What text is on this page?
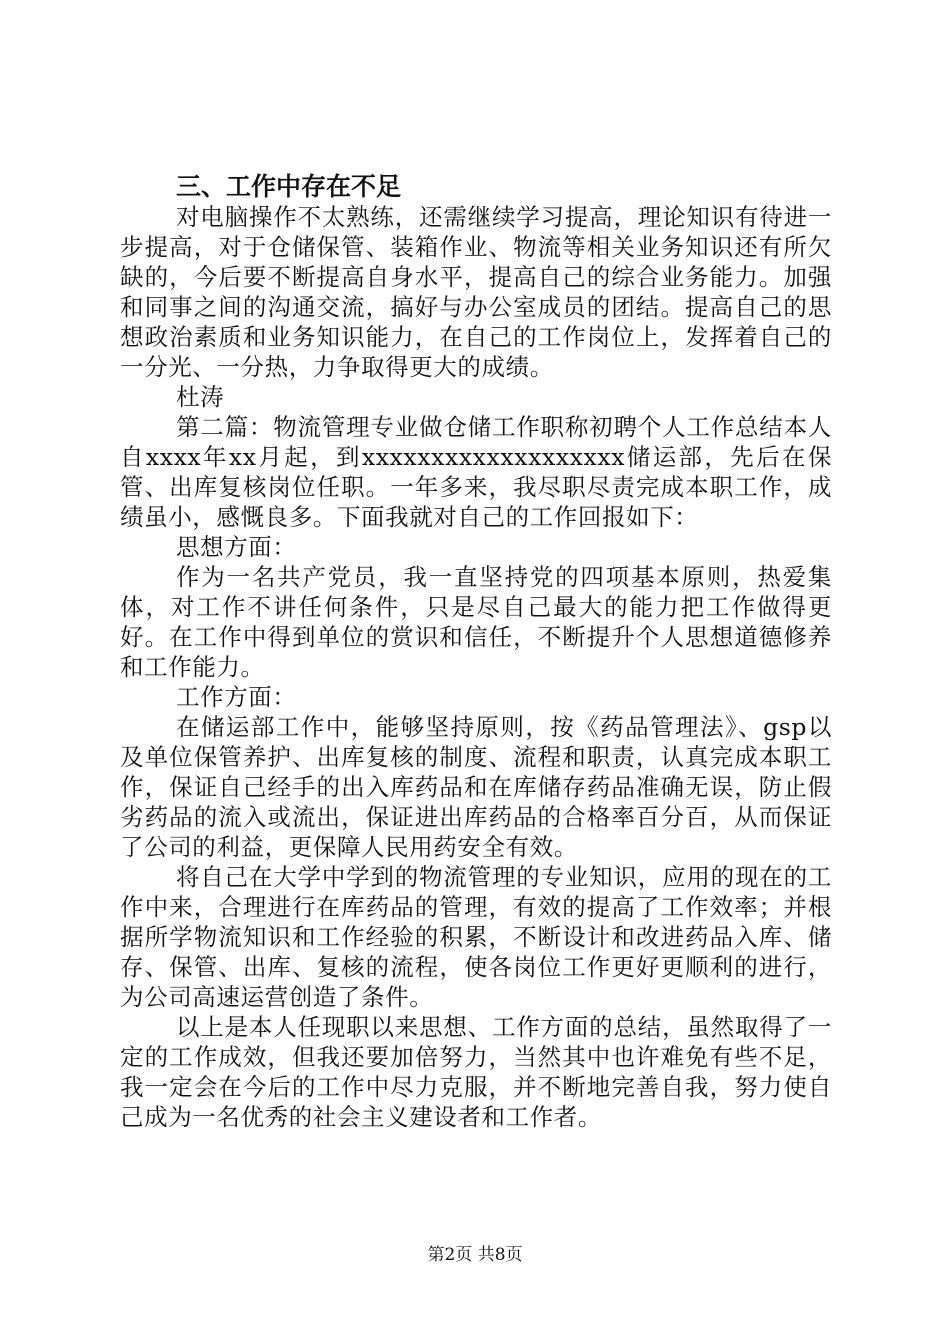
三、工作中存在不足

对电脑操作不太熟练，还需继续学习提高，理论知识有待进一步提高，对于仓储保管、装箱作业、物流等相关业务知识还有所欠缺的，今后要不断提高自身水平，提高自己的综合业务能力。加强和同事之间的沟通交流，搞好与办公室成员的团结。提高自己的思想政治素质和业务知识能力，在自己的工作岗位上，发挥着自己的一分光、一分热，力争取得更大的成绩。

杜涛

第二篇：物流管理专业做仓储工作职称初聘个人工作总结本人自xxxx年xx月起，到xxxxxxxxxxxxxxxxxxx储运部，先后在保管、出库复核岗位任职。一年多来，我尽职尽责完成本职工作，成绩虽小，感慨良多。下面我就对自己的工作回报如下：

思想方面：

作为一名共产党员，我一直坚持党的四项基本原则，热爱集体，对工作不讲任何条件，只是尽自己最大的能力把工作做得更好。在工作中得到单位的赏识和信任，不断提升个人思想道德修养和工作能力。

工作方面：

在储运部工作中，能够坚持原则，按《药品管理法》、gsp以及单位保管养护、出库复核的制度、流程和职责，认真完成本职工作，保证自己经手的出入库药品和在库储存药品准确无误，防止假劣药品的流入或流出，保证进出库药品的合格率百分百，从而保证了公司的利益，更保障人民用药安全有效。

将自己在大学中学到的物流管理的专业知识，应用的现在的工作中来，合理进行在库药品的管理，有效的提高了工作效率；并根据所学物流知识和工作经验的积累，不断设计和改进药品入库、储存、保管、出库、复核的流程，使各岗位工作更好更顺利的进行，为公司高速运营创造了条件。

以上是本人任现职以来思想、工作方面的总结，虽然取得了一定的工作成效，但我还要加倍努力，当然其中也许难免有些不足，我一定会在今后的工作中尽力克服，并不断地完善自我，努力使自己成为一名优秀的社会主义建设者和工作者。

第2页 共8页
